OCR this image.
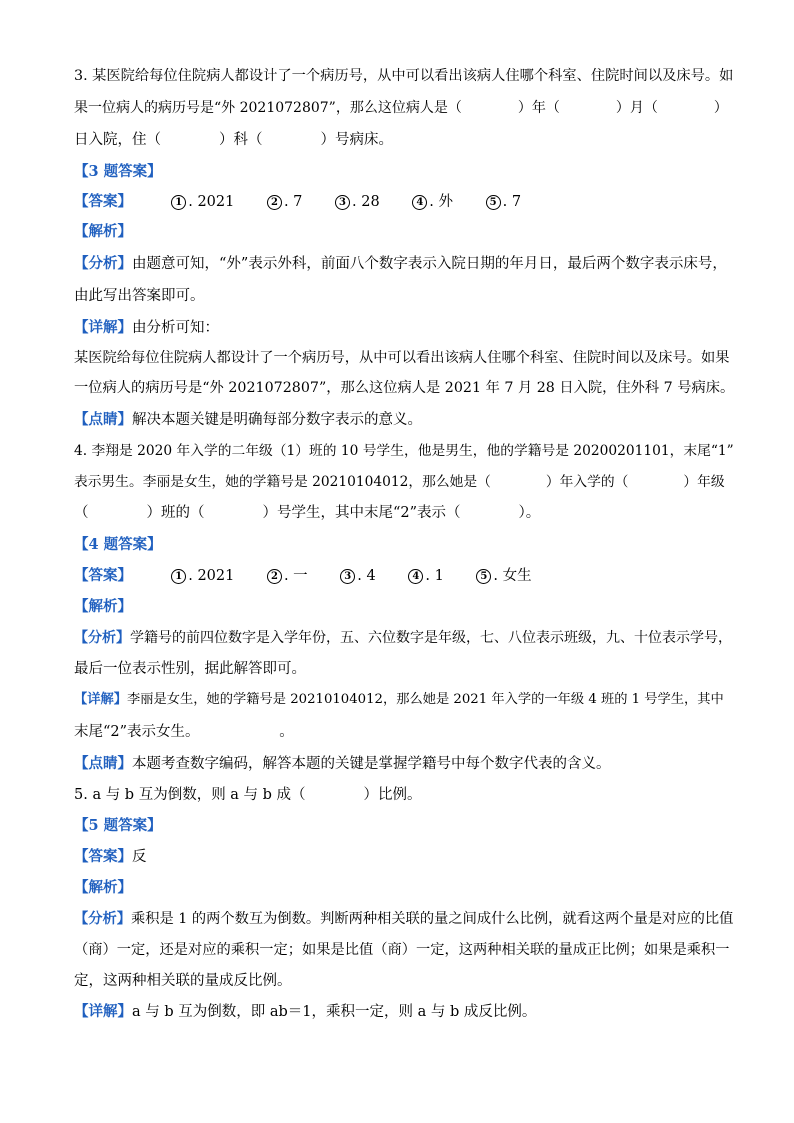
3. 某医院给每位住院病人都设计了一个病历号，从中可以看出该病人住哪个科室、住院时间以及床号。如
果一位病人的病历号是“外 2021072807”，那么这位病人是（　　　　）年（　　　　）月（　　　　）
日入院，住（　　　　）科（　　　　）号病床。
【3 题答案】
【答案】	1 . 2021	2 . 7	3 . 28	4 . 外	5 . 7
【解析】
【分析】由题意可知，“外”表示外科，前面八个数字表示入院日期的年月日，最后两个数字表示床号，
由此写出答案即可。
【详解】由分析可知：
某医院给每位住院病人都设计了一个病历号，从中可以看出该病人住哪个科室、住院时间以及床号。如果
一位病人的病历号是“外 2021072807”，那么这位病人是 2021 年 7 月 28 日入院，住外科 7 号病床。
【点睛】解决本题关键是明确每部分数字表示的意义。
4. 李翔是 2020 年入学的二年级（1）班的 10 号学生，他是男生，他的学籍号是 20200201101，末尾“1”
表示男生。李丽是女生，她的学籍号是 20210104012，那么她是（　　　　）年入学的（　　　　）年级
（　　　　）班的（　　　　）号学生，其中末尾“2”表示（　　　　）。
【4 题答案】
【答案】	1 . 2021	2 . 一	3 . 4	4 . 1	5 . 女生
【解析】
【分析】学籍号的前四位数字是入学年份，五、六位数字是年级，七、八位表示班级，九、十位表示学号，
最后一位表示性别，据此解答即可。
【详解】李丽是女生，她的学籍号是 20210104012，那么她是 2021 年入学的一年级 4 班的 1 号学生，其中
末尾“2”表示女生。　　　　　　。
【点睛】本题考查数字编码，解答本题的关键是掌握学籍号中每个数字代表的含义。
5. a 与 b 互为倒数，则 a 与 b 成（　　　　）比例。
【5 题答案】
【答案】反
【解析】
【分析】乘积是 1 的两个数互为倒数。判断两种相关联的量之间成什么比例，就看这两个量是对应的比值
（商）一定，还是对应的乘积一定；如果是比值（商）一定，这两种相关联的量成正比例；如果是乘积一
定，这两种相关联的量成反比例。
【详解】a 与 b 互为倒数，即 ab＝1，乘积一定，则 a 与 b 成反比例。
